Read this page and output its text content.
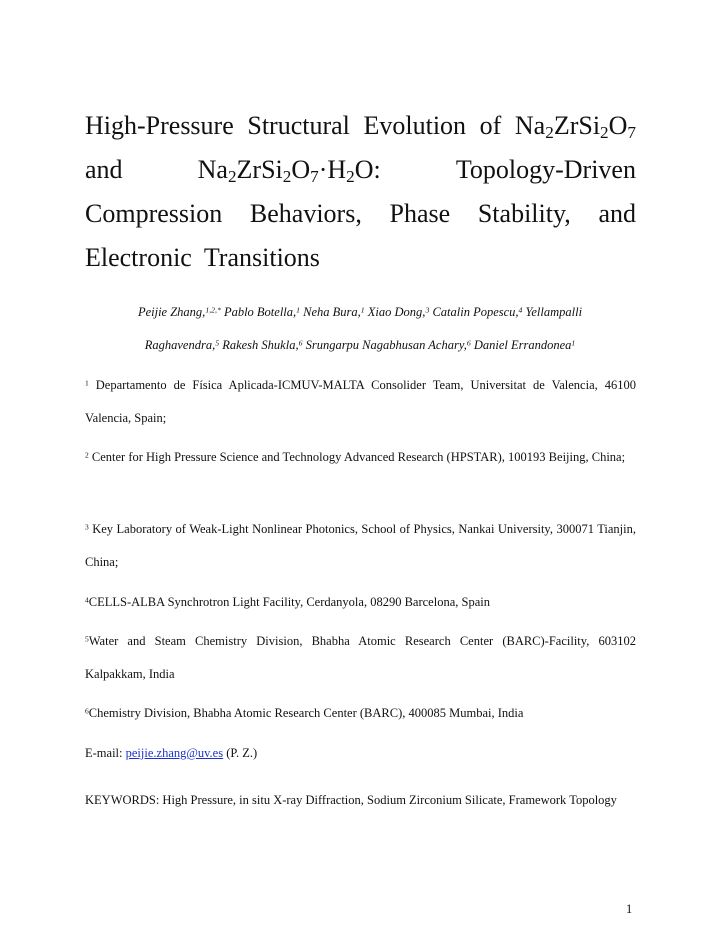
High-Pressure Structural Evolution of $Na_2ZrSi_2O_7$
and	$Na_2ZrSi_2O_7\cdot H_2O$:	Topology-Driven
Compression Behaviors, Phase Stability, and
Electronic Transitions
Peijie Zhang,$^{1,2,*}$ Pablo Botella,$^1$ Neha Bura,$^1$ Xiao Dong,$^3$ Catalin Popescu,$^4$ Yellampalli
Raghavendra,$^5$ Rakesh Shukla,$^6$ Srungarpu Nagabhusan Achary,$^6$ Daniel Errandonea$^1$

$^1$ Departamento de Física Aplicada-ICMUV-MALTA Consolider Team, Universitat de Valencia, 46100 Valencia, Spain;

$^2$ Center for High Pressure Science and Technology Advanced Research (HPSTAR), 100193 Beijing, China;

$^3$ Key Laboratory of Weak-Light Nonlinear Photonics, School of Physics, Nankai University, 300071 Tianjin, China;

$^4$CELLS-ALBA Synchrotron Light Facility, Cerdanyola, 08290 Barcelona, Spain

$^5$Water and Steam Chemistry Division, Bhabha Atomic Research Center (BARC)-Facility, 603102 Kalpakkam, India

$^6$Chemistry Division, Bhabha Atomic Research Center (BARC), 400085 Mumbai, India

E-mail: peijie.zhang@uv.es (P. Z.)

KEYWORDS: High Pressure, in situ X-ray Diffraction, Sodium Zirconium Silicate, Framework Topology

1
